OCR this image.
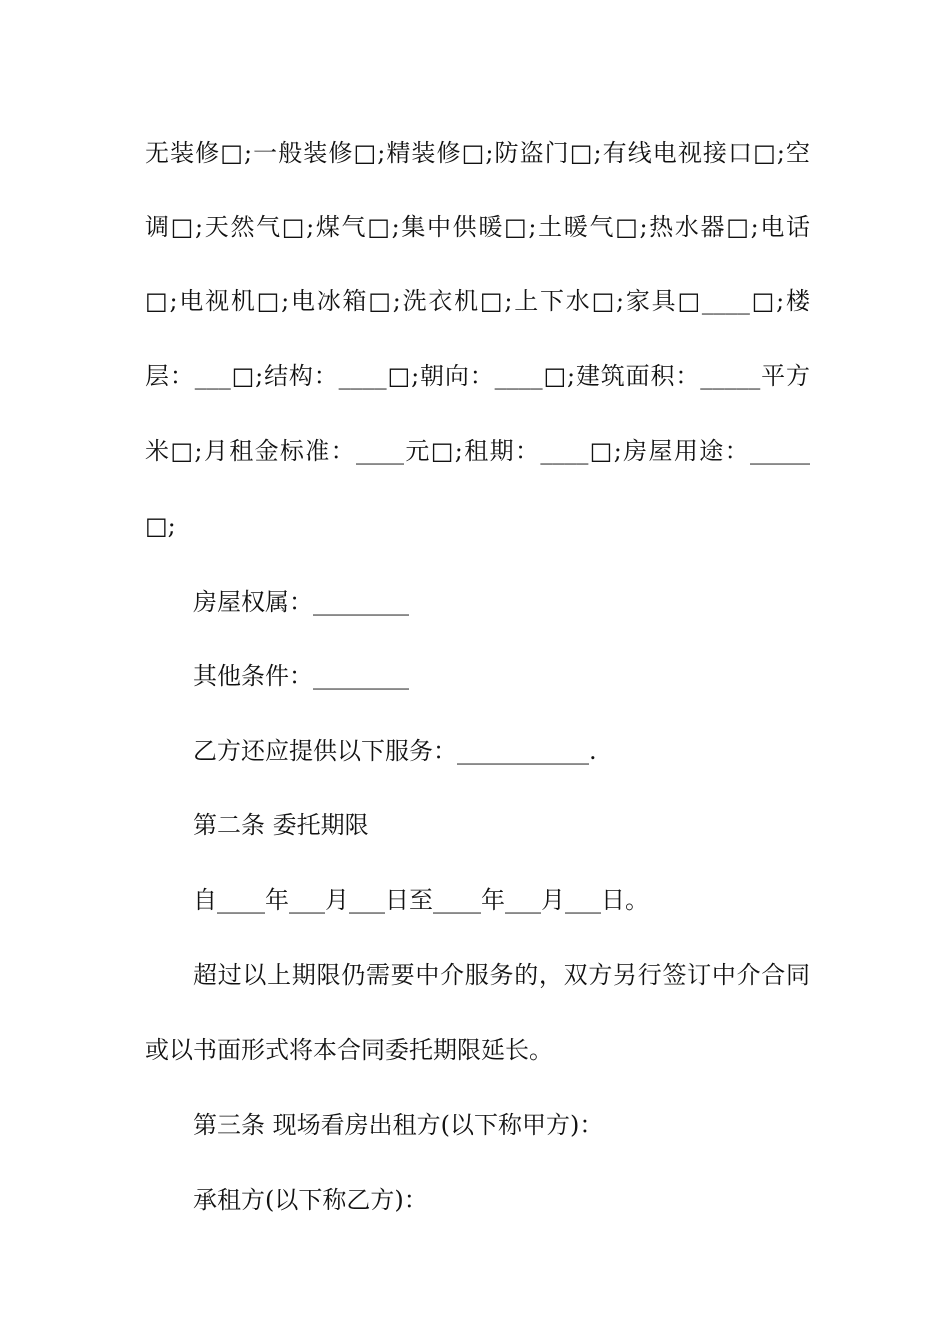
无装修□;一般装修□;精装修□;防盗门□;有线电视接口□;空
调□;天然气□;煤气□;集中供暖□;土暖气□;热水器□;电话
□;电视机□;电冰箱□;洗衣机□;上下水□;家具□____□;楼
层：___□;结构：____□;朝向：____□;建筑面积：_____平方
米□;月租金标准：____元□;租期：____□;房屋用途：_____
□;
房屋权属：________
其他条件：________
乙方还应提供以下服务：___________.
第二条 委托期限
自____年___月___日至____年___月___日。
超过以上期限仍需要中介服务的，双方另行签订中介合同
或以书面形式将本合同委托期限延长。
第三条 现场看房出租方(以下称甲方)：
承租方(以下称乙方)：
